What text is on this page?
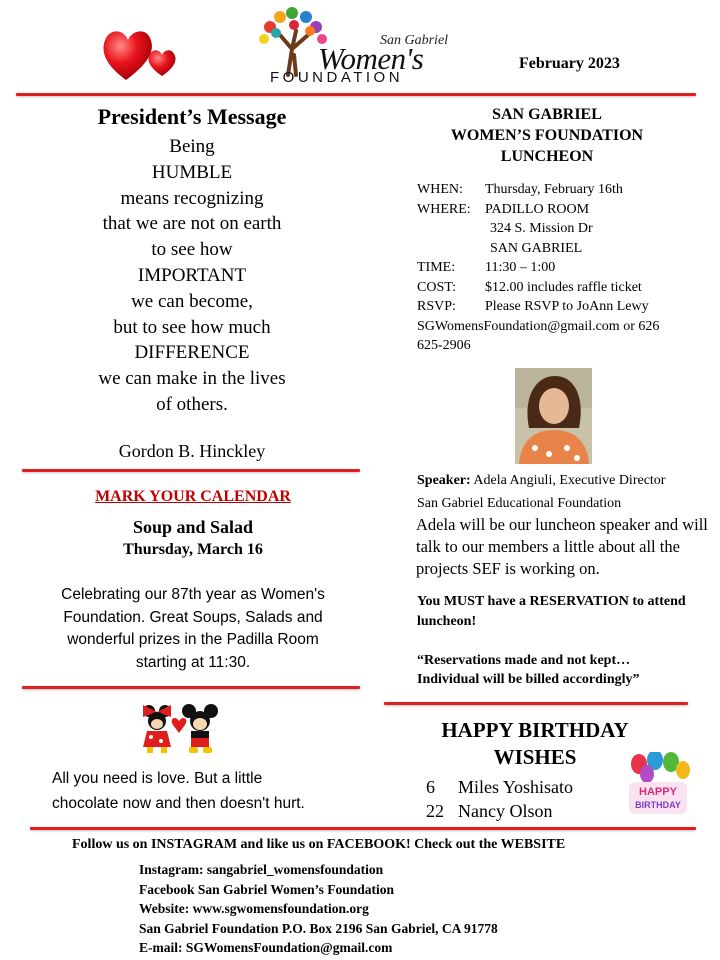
San Gabriel
Women's
FOUNDATION
February 2023
President’s Message
Being
HUMBLE
means recognizing
that we are not on earth
to see how
IMPORTANT
we can become,
but to see how much
DIFFERENCE
we can make in the lives
of others.
Gordon B. Hinckley
MARK YOUR CALENDAR
Soup and Salad
Thursday, March 16
Celebrating our 87th year as Women's Foundation. Great Soups, Salads and wonderful prizes in the Padilla Room starting at 11:30.
All you need is love. But a little
chocolate now and then doesn't hurt.
SAN GABRIEL
WOMEN’S FOUNDATION
LUNCHEON
WHEN: Thursday, February 16th
WHERE: PADILLO ROOM
324 S. Mission Dr
SAN GABRIEL
TIME: 11:30 – 1:00
COST: $12.00 includes raffle ticket
RSVP: Please RSVP to JoAnn Lewy
SGWomensFoundation@gmail.com or 626
625-2906
Speaker: Adela Angiuli, Executive Director
San Gabriel Educational Foundation
Adela will be our luncheon speaker and will talk to our members a little about all the projects SEF is working on.
You MUST have a RESERVATION to attend luncheon!
“Reservations made and not kept…
Individual will be billed accordingly”
HAPPY BIRTHDAY
WISHES
6 Miles Yoshisato
22 Nancy Olson
HAPPY
BIRTHDAY
Follow us on INSTAGRAM and like us on FACEBOOK! Check out the WEBSITE
Instagram: sangabriel_womensfoundation
Facebook San Gabriel Women’s Foundation
Website: www.sgwomensfoundation.org
San Gabriel Foundation P.O. Box 2196 San Gabriel, CA 91778
E-mail: SGWomensFoundation@gmail.com
